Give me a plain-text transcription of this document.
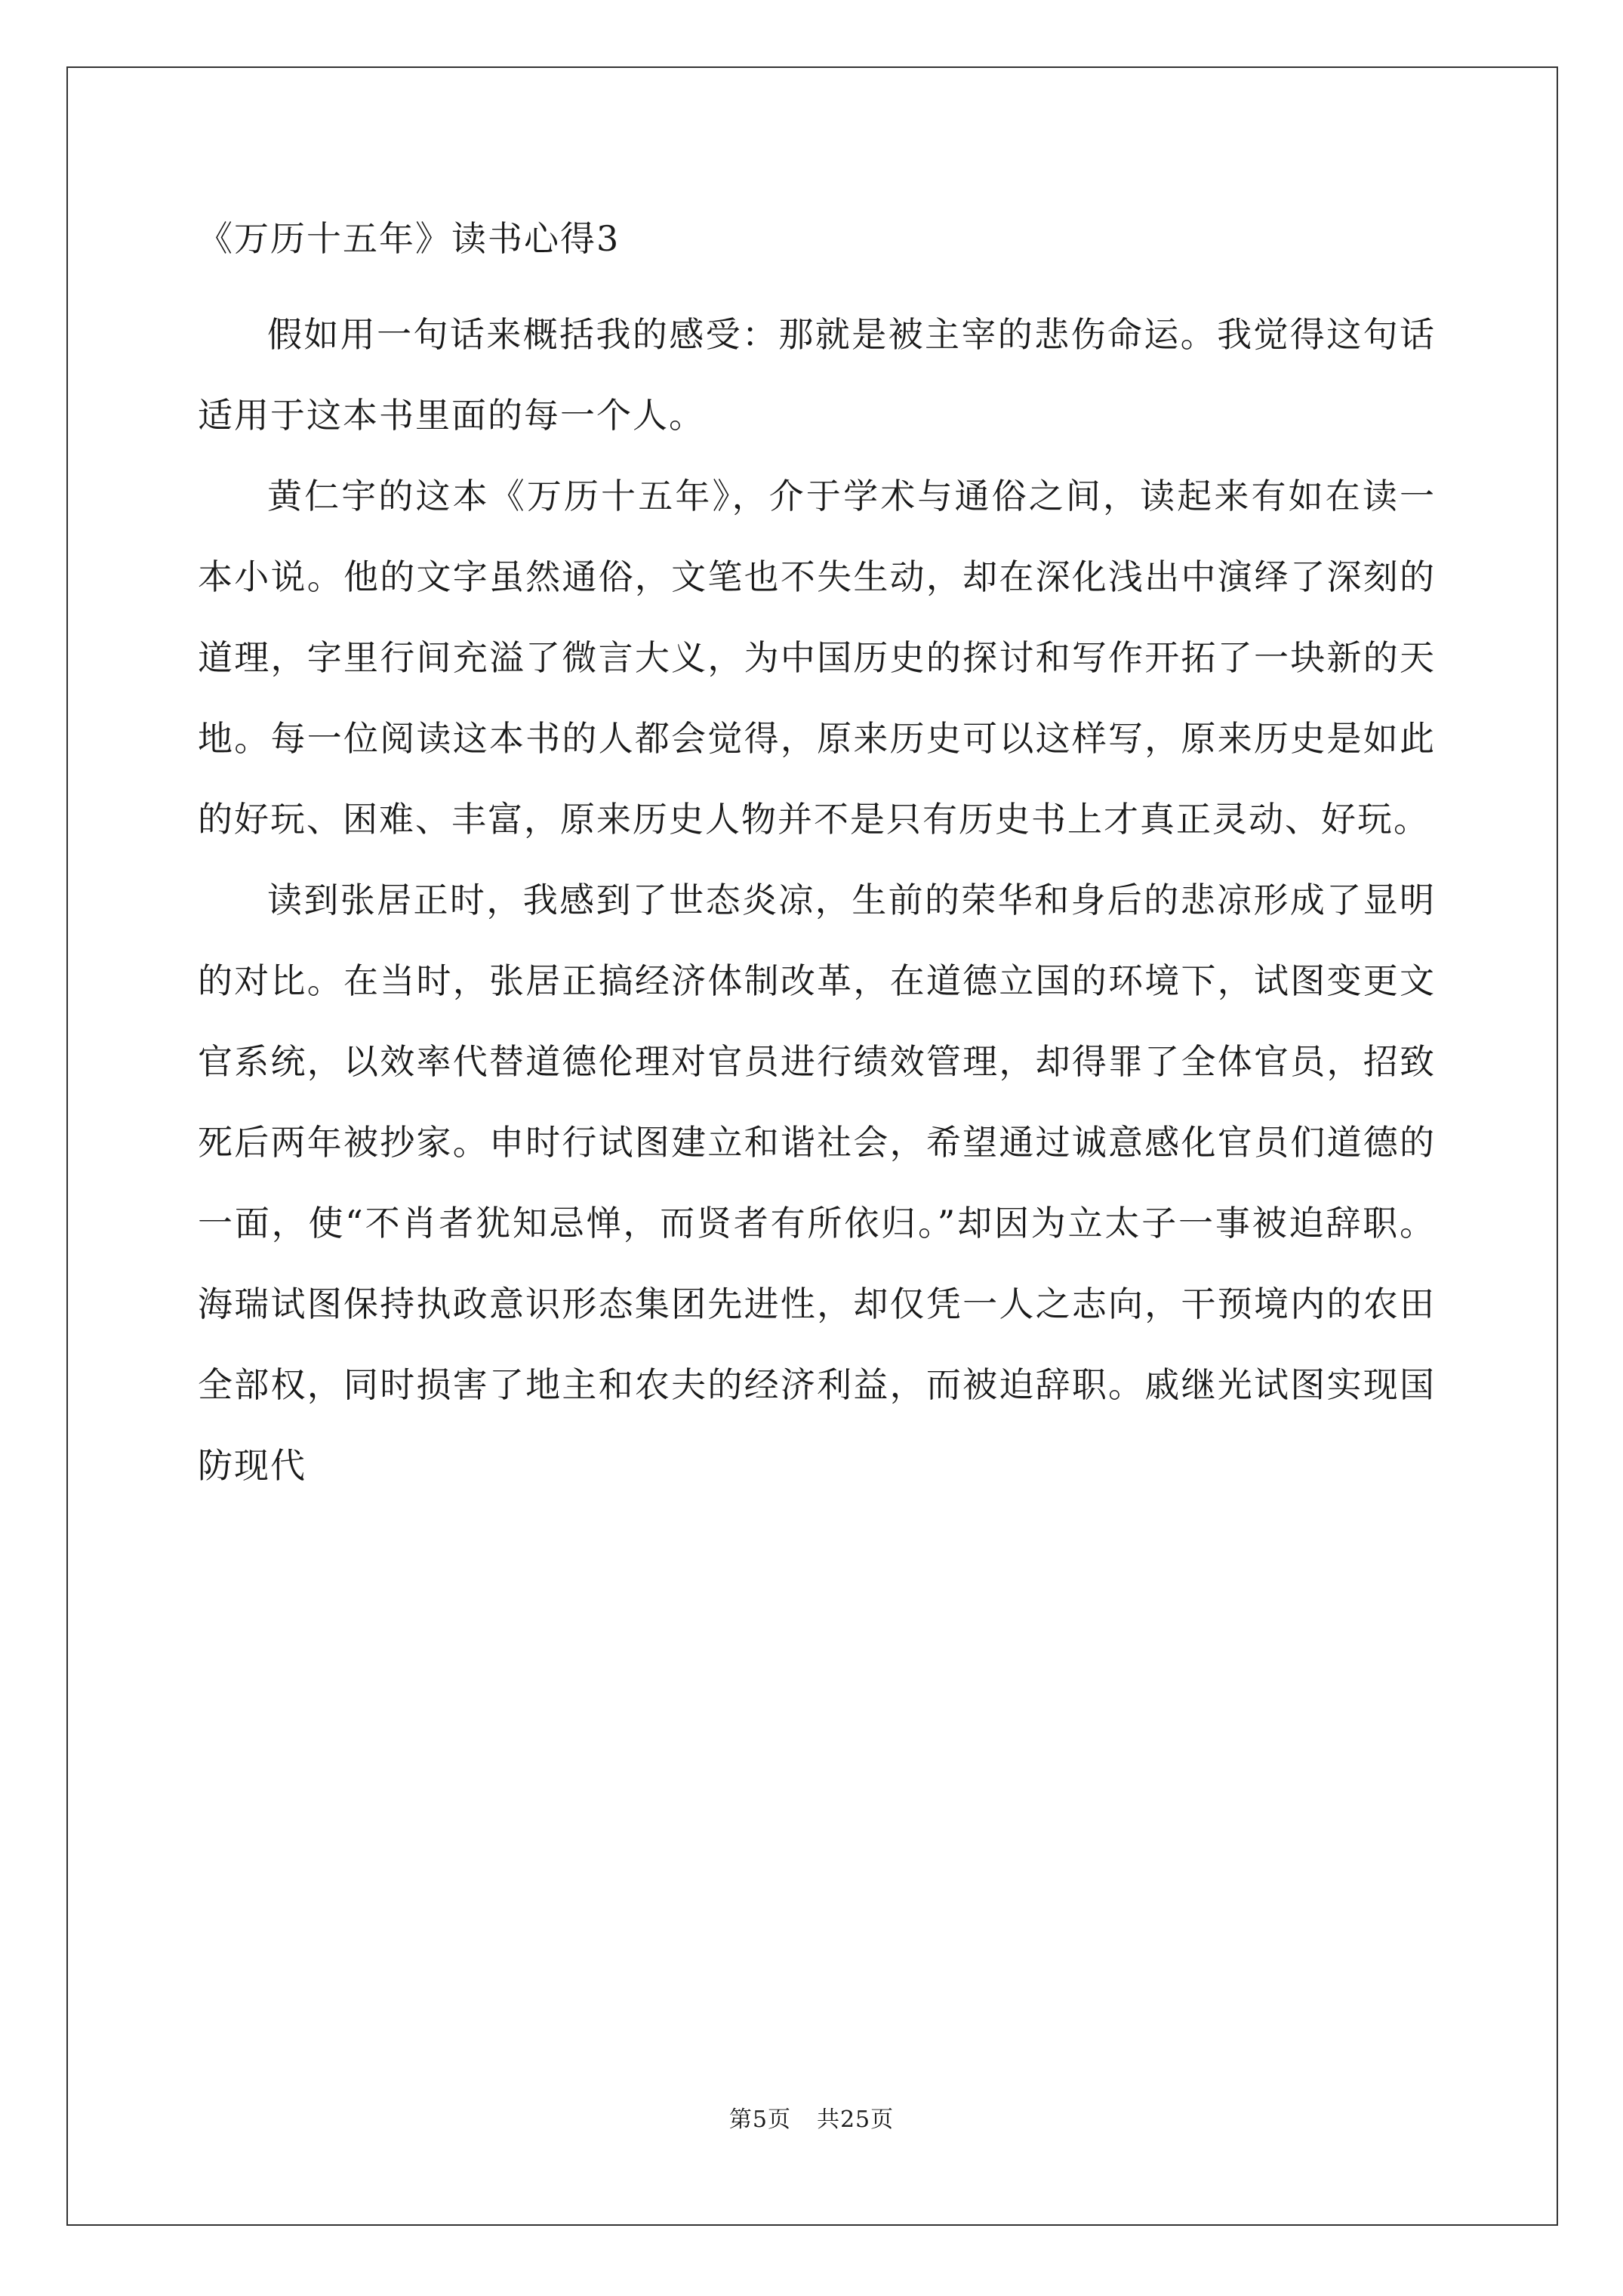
《万历十五年》读书心得3

假如用一句话来概括我的感受：那就是被主宰的悲伤命运。我觉得这句话适用于这本书里面的每一个人。

黄仁宇的这本《万历十五年》，介于学术与通俗之间，读起来有如在读一本小说。他的文字虽然通俗，文笔也不失生动，却在深化浅出中演绎了深刻的道理，字里行间充溢了微言大义，为中国历史的探讨和写作开拓了一块新的天地。每一位阅读这本书的人都会觉得，原来历史可以这样写，原来历史是如此的好玩、困难、丰富，原来历史人物并不是只有历史书上才真正灵动、好玩。

读到张居正时，我感到了世态炎凉，生前的荣华和身后的悲凉形成了显明的对比。在当时，张居正搞经济体制改革，在道德立国的环境下，试图变更文官系统，以效率代替道德伦理对官员进行绩效管理，却得罪了全体官员，招致死后两年被抄家。申时行试图建立和谐社会，希望通过诚意感化官员们道德的一面，使“不肖者犹知忌惮，而贤者有所依归。”却因为立太子一事被迫辞职。海瑞试图保持执政意识形态集团先进性，却仅凭一人之志向，干预境内的农田全部权，同时损害了地主和农夫的经济利益，而被迫辞职。戚继光试图实现国防现代

第5页 共25页
